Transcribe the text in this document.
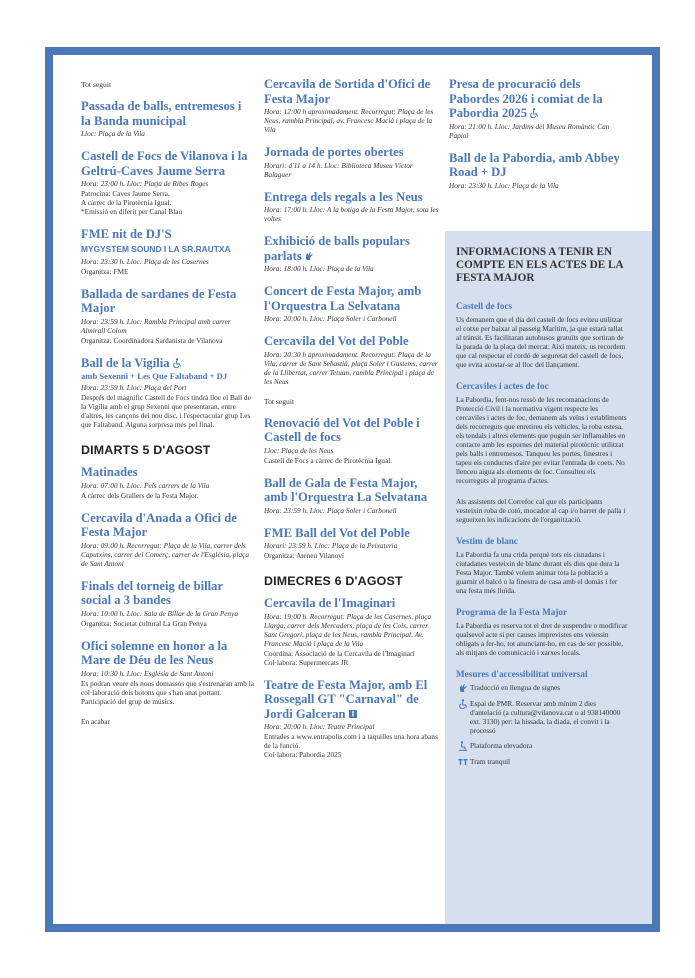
Tot seguit

Passada de balls, entremesos i la Banda municipal

Lloc: Plaça de la Vila

Castell de Focs de Vilanova i la Geltrú-Caves Jaume Serra

Hora: 23:00 h. Lloc: Platja de Ribes Roges

Patrocina: Caves Jaume Serra.
A càrrec de la Pirotècnia Igual.
*Emissió en diferit per Canal Blau

FME nit de DJ'S

MYGYSTEM SOUND I LA SR.RAUTXA

Hora: 23:30 h. Lloc: Plaça de les Casernes

Organitza: FME

Ballada de sardanes de Festa Major

Hora: 23:59 h. Lloc: Rambla Principal amb carrer Almirall Colom

Organitza: Coordinadora Sardanista de Vilanova

Ball de la Vigília

amb Sexenni + Les Que Faltaband + DJ

Hora: 23:59 h. Lloc: Plaça del Port

Després del magnífic Castell de Focs tindrà lloc el Ball de la Vigília amb el grup Sexenni que presentaran, entre d'altres, les cançons del nou disc, i l'espectacular grup Les que Faltaband. Alguna sorpresa més pel final.

DIMARTS 5 D'AGOST

Matinades

Hora: 07:00 h. Lloc: Pels carrers de la Vila

A càrrec dels Grallers de la Festa Major.

Cercavila d'Anada a Ofici de Festa Major

Hora: 09:00 h. Recorregut: Plaça de la Vila, carrer dels Caputxins, carrer del Comerç, carrer de l'Església, plaça de Sant Antoni

Finals del torneig de billar social a 3 bandes

Hora: 10:00 h. Lloc: Sala de Billar de la Gran Penya

Organitza: Societat cultural La Gran Penya

Ofici solemne en honor a la Mare de Déu de les Neus

Hora: 10:30 h. Lloc: Església de Sant Antoni

Es podran veure els nous domassos que s'estrenaran amb la col·laboració dels botons que s'han anat portant. Participació del grup de músics.

En acabar

Cercavila de Sortida d'Ofici de Festa Major

Hora: 12:00 h aproximadament. Recorregut: Plaça de les Neus, rambla Principal, av. Francesc Macià i plaça de la Vila

Jornada de portes obertes

Horari: d'11 a 14 h. Lloc: Biblioteca Museu Víctor Balaguer

Entrega dels regals a les Neus

Hora: 17:00 h. Lloc: A la botiga de la Festa Major, sota les voltes

Exhibició de balls populars parlats

Hora: 18:00 h. Lloc: Plaça de la Vila

Concert de Festa Major, amb l'Orquestra La Selvatana

Hora: 20:00 h. Lloc: Plaça Soler i Carbonell

Cercavila del Vot del Poble

Hora: 20:30 h aproximadament. Recorregut: Plaça de la Vila, carrer de Sant Sebastià, plaça Soler i Gustems, carrer de la Llibertat, carrer Tetuan, rambla Principal i plaça de les Neus

Tot seguit

Renovació del Vot del Poble i Castell de focs

Lloc: Plaça de les Neus

Castell de Focs a càrrec de Pirotècnia Igual.

Ball de Gala de Festa Major, amb l'Orquestra La Selvatana

Hora: 23:59 h. Lloc: Plaça Soler i Carbonell

FME Ball del Vot del Poble

Horari: 23:59 h. Lloc: Plaça de la Peixateria

Organitza: Ateneu Vilanoví

DIMECRES 6 D'AGOST

Cercavila de l'Imaginari

Hora: 19:00 h. Recorregut: Plaça de les Casernes, plaça Llarga, carrer dels Mercaders, plaça de les Cols, carrer Sant Gregori, plaça de les Neus, rambla Principal, Av. Francesc Macià i plaça de la Vila

Coordina: Associació de la Cercavila de l'Imaginari
Col·labora: Supermercats JR

Teatre de Festa Major, amb El Rossegall GT "Carnaval" de Jordi Galceran

Hora: 20:00 h. Lloc: Teatre Principal

Entrades a www.entrapolis.com i a taquilles una hora abans de la funció.
Col·labora: Pabordia 2025

Presa de procuració dels Pabordes 2026 i comiat de la Pabordia 2025

Hora: 21:00 h. Lloc: Jardins del Museu Romàntic Can Papiol

Ball de la Pabordia, amb Abbey Road + DJ

Hora: 23:30 h. Lloc: Plaça de la Vila

INFORMACIONS A TENIR EN COMPTE EN ELS ACTES DE LA FESTA MAJOR

Castell de focs

Us demanem que el dia del castell de focs eviteu utilitzar el cotxe per baixar al passeig Marítim, ja que estarà tallat al trànsit. Es facilitaran autobusos gratuïts que sortiran de la parada de la plaça del mercat. Així mateix, us recordem que cal respectar el cordó de seguretat del castell de focs, que evita acostar-se al lloc del llançament.

Cercaviles i actes de foc

La Pabordia, fent-nos ressò de les recomanacions de Protecció Civil i la normativa vigent respecte les cercaviles i actes de foc, demanem als veïns i establiments dels recorreguts que enretireu els vehicles, la roba estesa, els tendals i altres elements que puguin ser inflamables en contacte amb les espurnes del material pirotècnic utilitzat pels balls i entremesos. Tanqueu les portes, finestres i tapeu els conductes d'aire per evitar l'entrada de coets. No llenceu aigua als elements de foc. Consulteu els recorreguts al programa d'actes.

Als assistents del Correfoc cal que els participants vesteixin roba de cotó, mocador al cap i/o barret de palla i segueixen les indicacions de l'organització.

Vestim de blanc

La Pabordia fa una crida perquè tots els ciutadans i ciutadanes vesteixin de blanc durant els dies que dura la Festa Major. També volem animar tota la població a guarnir el balcó o la finestra de casa amb el domàs i fer una festa més lluïda.

Programa de la Festa Major

La Pabordia es reserva tot el dret de suspendre o modificar qualsevol acte si per causes imprevistes ens veiessin obligats a fer-ho, tot anunciant-ho, en cas de ser possible, als mitjans de comunicació i xarxes locals.

Mesures d'accessibilitat universal

Traducció en llengua de signes
Espai de PMR. Reservar amb mínim 2 dies d'antelació (a cultura@vilanova.cat o al 938140000 ext. 3130) per: la hissada, la diada, el convit i la processó
Plataforma elevadora
Tram tranquil
